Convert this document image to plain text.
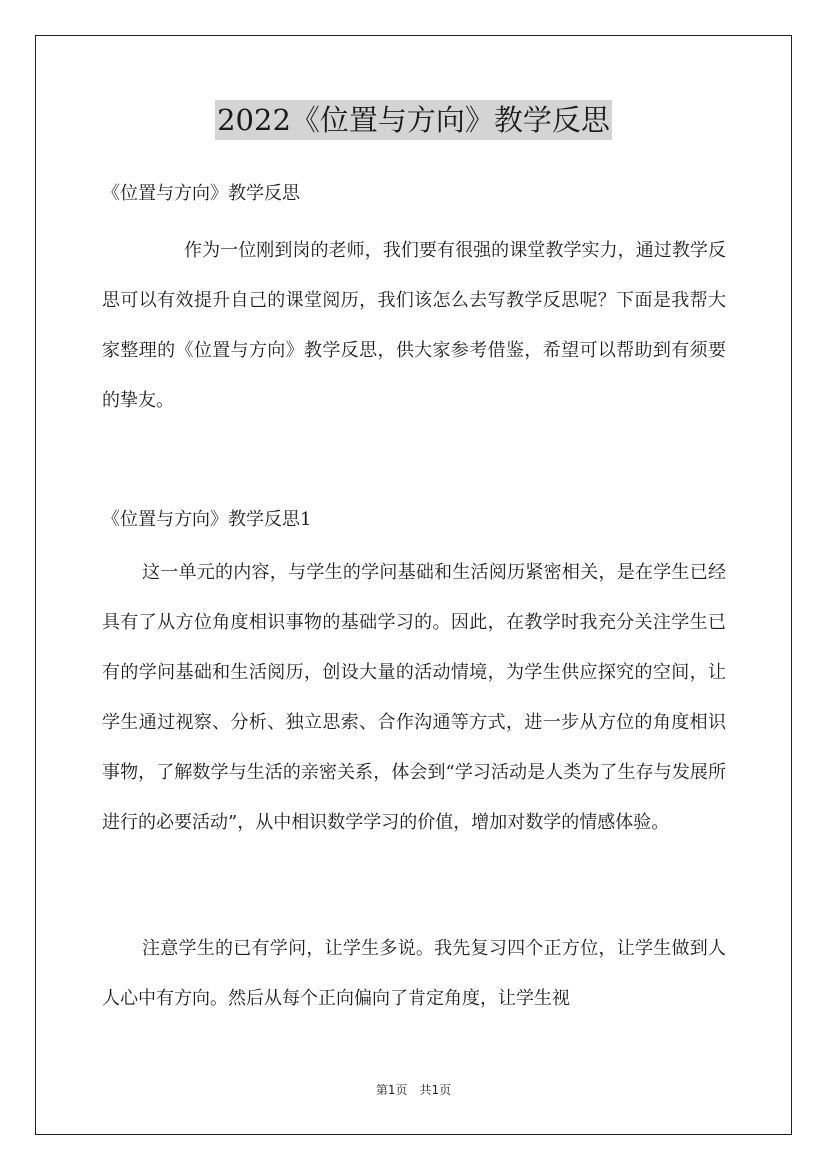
2022《位置与方向》教学反思
《位置与方向》教学反思

作为一位刚到岗的老师，我们要有很强的课堂教学实力，通过教学反思可以有效提升自己的课堂阅历，我们该怎么去写教学反思呢？下面是我帮大家整理的《位置与方向》教学反思，供大家参考借鉴，希望可以帮助到有须要的挚友。

《位置与方向》教学反思1

这一单元的内容，与学生的学问基础和生活阅历紧密相关，是在学生已经具有了从方位角度相识事物的基础学习的。因此，在教学时我充分关注学生已有的学问基础和生活阅历，创设大量的活动情境，为学生供应探究的空间，让学生通过视察、分析、独立思索、合作沟通等方式，进一步从方位的角度相识事物，了解数学与生活的亲密关系，体会到“学习活动是人类为了生存与发展所进行的必要活动”，从中相识数学学习的价值，增加对数学的情感体验。

注意学生的已有学问，让学生多说。我先复习四个正方位，让学生做到人人心中有方向。然后从每个正向偏向了肯定角度，让学生视

第1页 共1页
